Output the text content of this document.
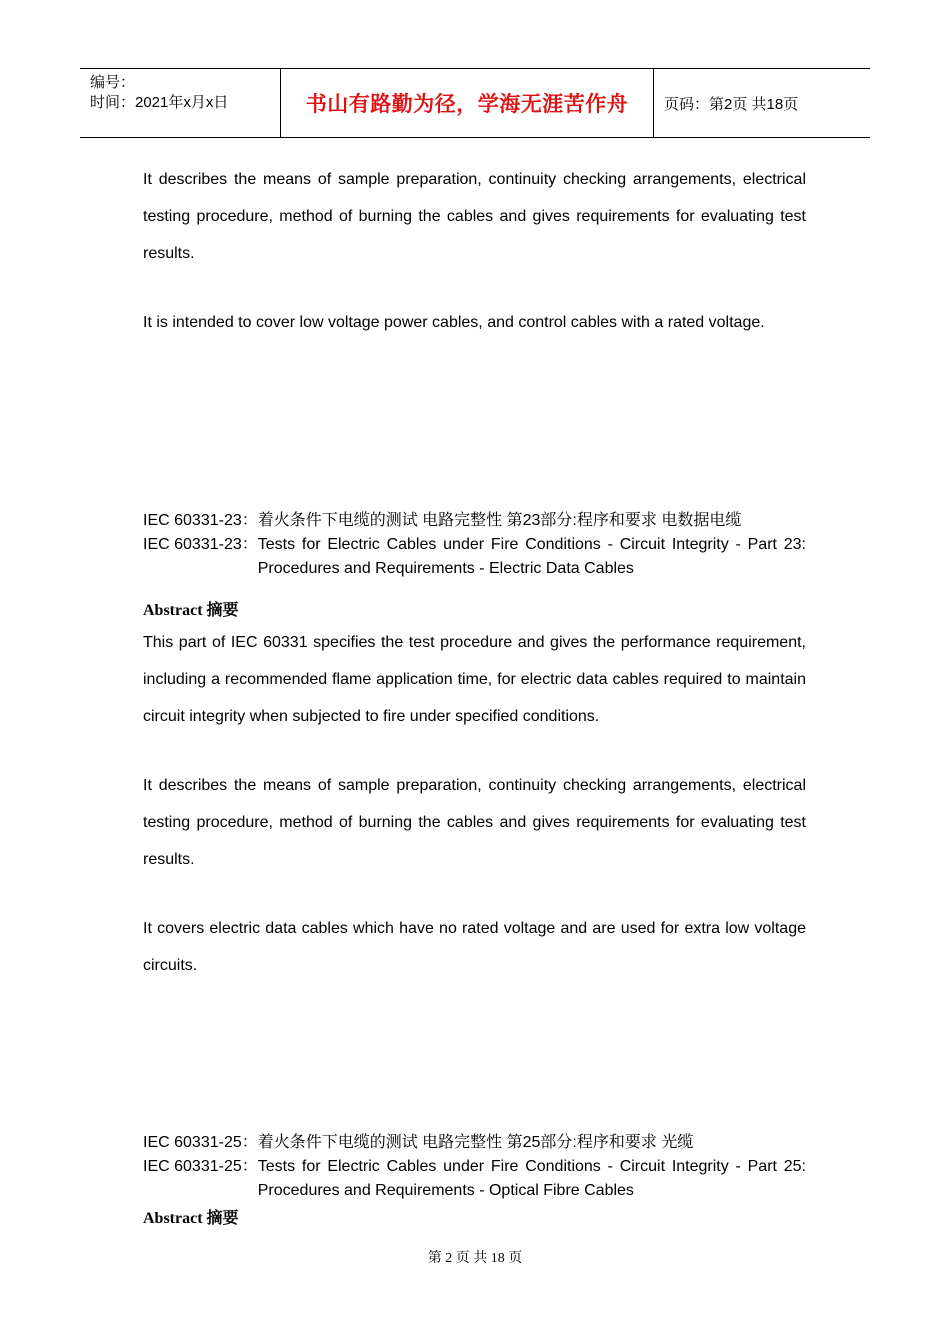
编号：
时间：2021年x月x日	书山有路勤为径，学海无涯苦作舟	页码：第2页 共18页

It describes the means of sample preparation, continuity checking arrangements, electrical testing procedure, method of burning the cables and gives requirements for evaluating test results.

It is intended to cover low voltage power cables, and control cables with a rated voltage.

IEC 60331-23：着火条件下电缆的测试 电路完整性 第23部分:程序和要求 电数据电缆

IEC 60331-23： Tests for Electric Cables under Fire Conditions - Circuit Integrity - Part 23: Procedures and Requirements - Electric Data Cables

Abstract 摘要

This part of IEC 60331 specifies the test procedure and gives the performance requirement, including a recommended flame application time, for electric data cables required to maintain circuit integrity when subjected to fire under specified conditions.

It describes the means of sample preparation, continuity checking arrangements, electrical testing procedure, method of burning the cables and gives requirements for evaluating test results.

It covers electric data cables which have no rated voltage and are used for extra low voltage circuits.

IEC 60331-25：着火条件下电缆的测试 电路完整性 第25部分:程序和要求 光缆

IEC 60331-25： Tests for Electric Cables under Fire Conditions - Circuit Integrity - Part 25: Procedures and Requirements - Optical Fibre Cables

Abstract 摘要

第 2 页 共 18 页
